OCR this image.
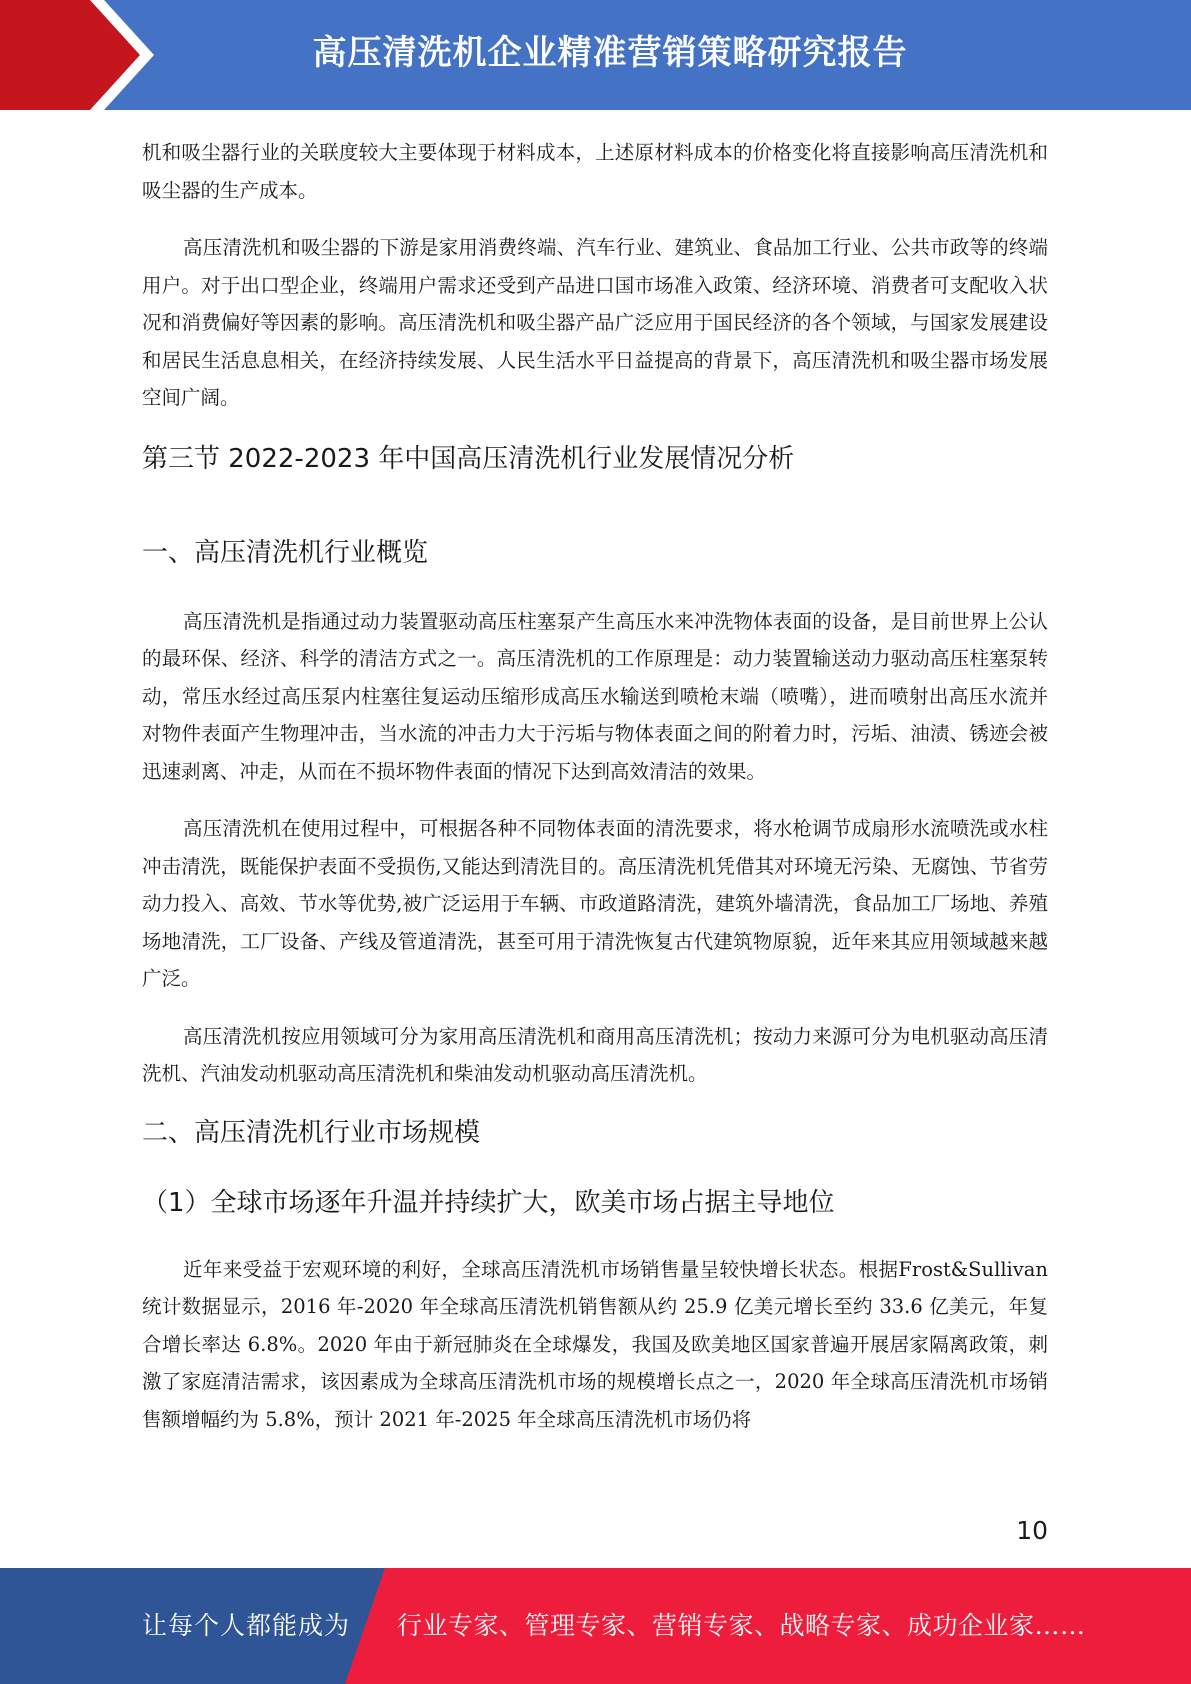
高压清洗机企业精准营销策略研究报告

机和吸尘器行业的关联度较大主要体现于材料成本，上述原材料成本的价格变化将直接影响高压清洗机和吸尘器的生产成本。

高压清洗机和吸尘器的下游是家用消费终端、汽车行业、建筑业、食品加工行业、公共市政等的终端用户。对于出口型企业，终端用户需求还受到产品进口国市场准入政策、经济环境、消费者可支配收入状况和消费偏好等因素的影响。高压清洗机和吸尘器产品广泛应用于国民经济的各个领域，与国家发展建设和居民生活息息相关，在经济持续发展、人民生活水平日益提高的背景下，高压清洗机和吸尘器市场发展空间广阔。

第三节 2022-2023 年中国高压清洗机行业发展情况分析
一、高压清洗机行业概览

高压清洗机是指通过动力装置驱动高压柱塞泵产生高压水来冲洗物体表面的设备，是目前世界上公认的最环保、经济、科学的清洁方式之一。高压清洗机的工作原理是：动力装置输送动力驱动高压柱塞泵转动，常压水经过高压泵内柱塞往复运动压缩形成高压水输送到喷枪末端（喷嘴），进而喷射出高压水流并对物件表面产生物理冲击，当水流的冲击力大于污垢与物体表面之间的附着力时，污垢、油渍、锈迹会被迅速剥离、冲走，从而在不损坏物件表面的情况下达到高效清洁的效果。

高压清洗机在使用过程中，可根据各种不同物体表面的清洗要求，将水枪调节成扇形水流喷洗或水柱冲击清洗，既能保护表面不受损伤,又能达到清洗目的。高压清洗机凭借其对环境无污染、无腐蚀、节省劳动力投入、高效、节水等优势,被广泛运用于车辆、市政道路清洗，建筑外墙清洗，食品加工厂场地、养殖场地清洗，工厂设备、产线及管道清洗，甚至可用于清洗恢复古代建筑物原貌，近年来其应用领域越来越广泛。

高压清洗机按应用领域可分为家用高压清洗机和商用高压清洗机；按动力来源可分为电机驱动高压清洗机、汽油发动机驱动高压清洗机和柴油发动机驱动高压清洗机。

二、高压清洗机行业市场规模
（1）全球市场逐年升温并持续扩大，欧美市场占据主导地位

近年来受益于宏观环境的利好，全球高压清洗机市场销售量呈较快增长状态。根据Frost&Sullivan 统计数据显示，2016 年-2020 年全球高压清洗机销售额从约 25.9 亿美元增长至约 33.6 亿美元，年复合增长率达 6.8%。2020 年由于新冠肺炎在全球爆发，我国及欧美地区国家普遍开展居家隔离政策，刺激了家庭清洁需求，该因素成为全球高压清洗机市场的规模增长点之一，2020 年全球高压清洗机市场销售额增幅约为 5.8%，预计 2021 年-2025 年全球高压清洗机市场仍将

10
让每个人都能成为 行业专家、管理专家、营销专家、战略专家、成功企业家……
